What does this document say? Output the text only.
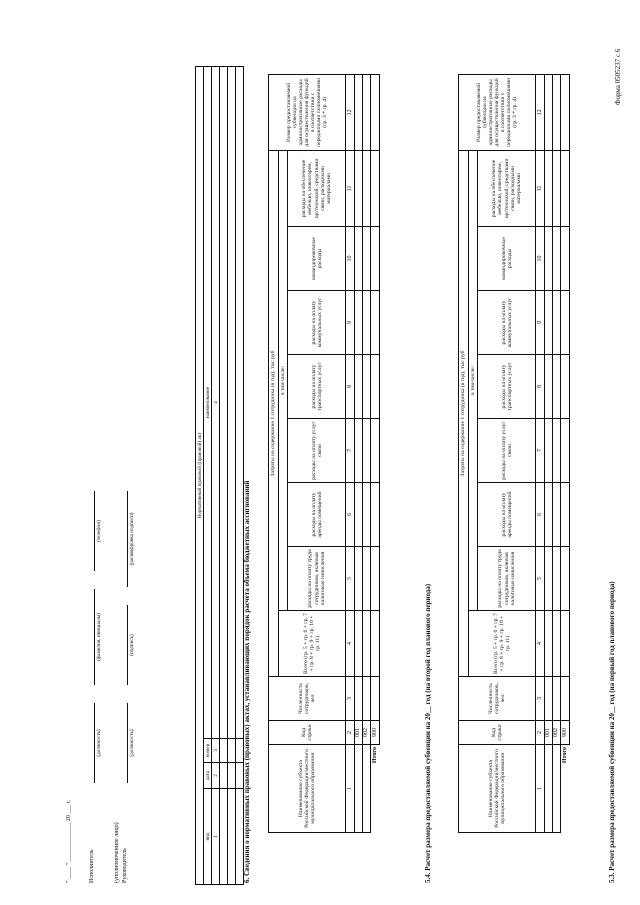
Форма 0505237 с.6
5.3. Расчет размера предоставляемой субвенции на 20__ год (на первый год планового периода)
Наименование субъекта Российской Федерации/местного муниципального образования	Код строки	Численность сотрудников, чел	Затраты на содержание 1 сотрудника (в год), тыс руб								Размер предоставляемой субвенции на административные расходы для осуществления функций в соответствии с переданными полномочиями (гр. 3 * гр. 4)
			Всего (гр. 5 + гр. 6 + гр. 7 + гр. 8 + гр. 9 + гр. 10 + гр. 11)	в том числе:							
				расходы на оплату труда сотрудников, включая налоговые начисления	расходы на оплату аренды помещений	расходы на оплату услуг связи	расходы на оплату транспортных услуг	расходы на оплату коммунальных услуг	командировочные расходы	расходы на обеспечение мебелью, инвентарем, оргтехникой, средствами связи, расходными материалами	
1	2	3	4	5	6	7	8	9	10	11	12
	001										
	002										
Итого	900										
5.4. Расчет размера предоставляемой субвенции на 20__ год (на второй год планового периода)
Наименование субъекта Российской Федерации/местного муниципального образования	Код строки	Численность сотрудников, чел	Затраты на содержание 1 сотрудника (в год), тыс руб								Размер предоставляемой субвенции на административные расходы для осуществления функций в соответствии с переданными полномочиями (гр. 3 * гр. 4)
			Всего (гр. 5 + гр. 6 + гр. 7 + гр. 8 + гр. 9 + гр. 10 + гр. 11)	в том числе:							
				расходы на оплату труда сотрудников, включая налоговые начисления	расходы на оплату аренды помещений	расходы на оплату услуг связи	расходы на оплату транспортных услуг	расходы на оплату коммунальных услуг	командировочные расходы	расходы на обеспечение мебелью, инвентарем, оргтехникой, средствами связи, расходными материалами	
1	2	3	4	5	6	7	8	9	10	11	12
	001										
	002										
Итого	900										
6. Сведения о нормативных правовых (правовых) актах, устанавливающих порядок расчета объема бюджетных ассигнований
Нормативный правовой (правовой) акт			
вид	дата	номер	наименование
1	2	3	4

Руководитель
(уполномоченное лицо)
(должность)
(подпись)
(расшифровка подписи)
Исполнитель
(должность)
(фамилия, инициалы)
(телефон)
" ____ " _____________ 20 ___ г.
